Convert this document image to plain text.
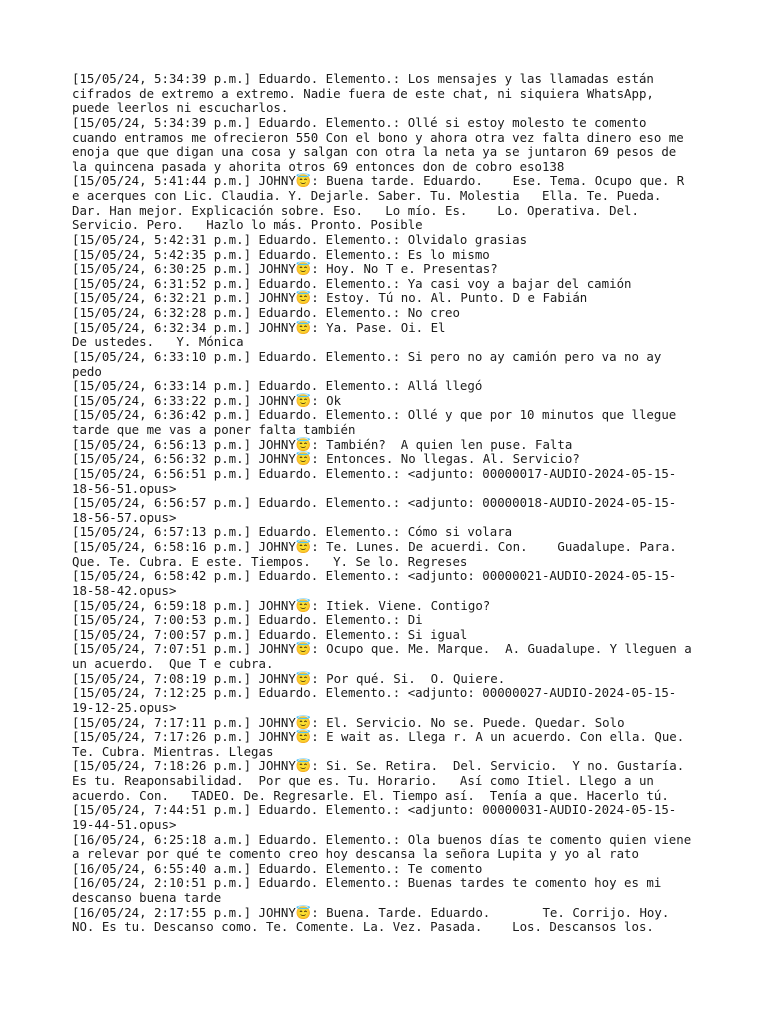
[15/05/24, 5:34:39 p.m.] Eduardo. Elemento.: Los mensajes y las llamadas están
cifrados de extremo a extremo. Nadie fuera de este chat, ni siquiera WhatsApp,
puede leerlos ni escucharlos.
[15/05/24, 5:34:39 p.m.] Eduardo. Elemento.: Ollé si estoy molesto te comento
cuando entramos me ofrecieron 550 Con el bono y ahora otra vez falta dinero eso me
enoja que que digan una cosa y salgan con otra la neta ya se juntaron 69 pesos de
la quincena pasada y ahorita otros 69 entonces don de cobro eso138
[15/05/24, 5:41:44 p.m.] JOHNY😇: Buena tarde. Eduardo.    Ese. Tema. Ocupo que. R
e acerques con Lic. Claudia. Y. Dejarle. Saber. Tu. Molestia   Ella. Te. Pueda.
Dar. Han mejor. Explicación sobre. Eso.   Lo mío. Es.    Lo. Operativa. Del.
Servicio. Pero.   Hazlo lo más. Pronto. Posible
[15/05/24, 5:42:31 p.m.] Eduardo. Elemento.: Olvidalo grasias
[15/05/24, 5:42:35 p.m.] Eduardo. Elemento.: Es lo mismo
[15/05/24, 6:30:25 p.m.] JOHNY😇: Hoy. No T e. Presentas?
[15/05/24, 6:31:52 p.m.] Eduardo. Elemento.: Ya casi voy a bajar del camión
[15/05/24, 6:32:21 p.m.] JOHNY😇: Estoy. Tú no. Al. Punto. D e Fabián
[15/05/24, 6:32:28 p.m.] Eduardo. Elemento.: No creo
[15/05/24, 6:32:34 p.m.] JOHNY😇: Ya. Pase. Oi. El
De ustedes.   Y. Mónica
[15/05/24, 6:33:10 p.m.] Eduardo. Elemento.: Si pero no ay camión pero va no ay
pedo
[15/05/24, 6:33:14 p.m.] Eduardo. Elemento.: Allá llegó
[15/05/24, 6:33:22 p.m.] JOHNY😇: Ok
[15/05/24, 6:36:42 p.m.] Eduardo. Elemento.: Ollé y que por 10 minutos que llegue
tarde que me vas a poner falta también
[15/05/24, 6:56:13 p.m.] JOHNY😇: También?  A quien len puse. Falta
[15/05/24, 6:56:32 p.m.] JOHNY😇: Entonces. No llegas. Al. Servicio?
[15/05/24, 6:56:51 p.m.] Eduardo. Elemento.: <adjunto: 00000017-AUDIO-2024-05-15-
18-56-51.opus>
[15/05/24, 6:56:57 p.m.] Eduardo. Elemento.: <adjunto: 00000018-AUDIO-2024-05-15-
18-56-57.opus>
[15/05/24, 6:57:13 p.m.] Eduardo. Elemento.: Cómo si volara
[15/05/24, 6:58:16 p.m.] JOHNY😇: Te. Lunes. De acuerdi. Con.    Guadalupe. Para.
Que. Te. Cubra. E este. Tiempos.   Y. Se lo. Regreses
[15/05/24, 6:58:42 p.m.] Eduardo. Elemento.: <adjunto: 00000021-AUDIO-2024-05-15-
18-58-42.opus>
[15/05/24, 6:59:18 p.m.] JOHNY😇: Itiek. Viene. Contigo?
[15/05/24, 7:00:53 p.m.] Eduardo. Elemento.: Di
[15/05/24, 7:00:57 p.m.] Eduardo. Elemento.: Si igual
[15/05/24, 7:07:51 p.m.] JOHNY😇: Ocupo que. Me. Marque.  A. Guadalupe. Y lleguen a
un acuerdo.  Que T e cubra.
[15/05/24, 7:08:19 p.m.] JOHNY😇: Por qué. Si.  O. Quiere.
[15/05/24, 7:12:25 p.m.] Eduardo. Elemento.: <adjunto: 00000027-AUDIO-2024-05-15-
19-12-25.opus>
[15/05/24, 7:17:11 p.m.] JOHNY😇: El. Servicio. No se. Puede. Quedar. Solo
[15/05/24, 7:17:26 p.m.] JOHNY😇: E wait as. Llega r. A un acuerdo. Con ella. Que.
Te. Cubra. Mientras. Llegas
[15/05/24, 7:18:26 p.m.] JOHNY😇: Si. Se. Retira.  Del. Servicio.  Y no. Gustaría.
Es tu. Reaponsabilidad.  Por que es. Tu. Horario.   Así como Itiel. Llego a un
acuerdo. Con.   TADEO. De. Regresarle. El. Tiempo así.  Tenía a que. Hacerlo tú.
[15/05/24, 7:44:51 p.m.] Eduardo. Elemento.: <adjunto: 00000031-AUDIO-2024-05-15-
19-44-51.opus>
[16/05/24, 6:25:18 a.m.] Eduardo. Elemento.: Ola buenos días te comento quien viene
a relevar por qué te comento creo hoy descansa la señora Lupita y yo al rato
[16/05/24, 6:55:40 a.m.] Eduardo. Elemento.: Te comento
[16/05/24, 2:10:51 p.m.] Eduardo. Elemento.: Buenas tardes te comento hoy es mi
descanso buena tarde
[16/05/24, 2:17:55 p.m.] JOHNY😇: Buena. Tarde. Eduardo.       Te. Corrijo. Hoy.
NO. Es tu. Descanso como. Te. Comente. La. Vez. Pasada.    Los. Descansos los.
